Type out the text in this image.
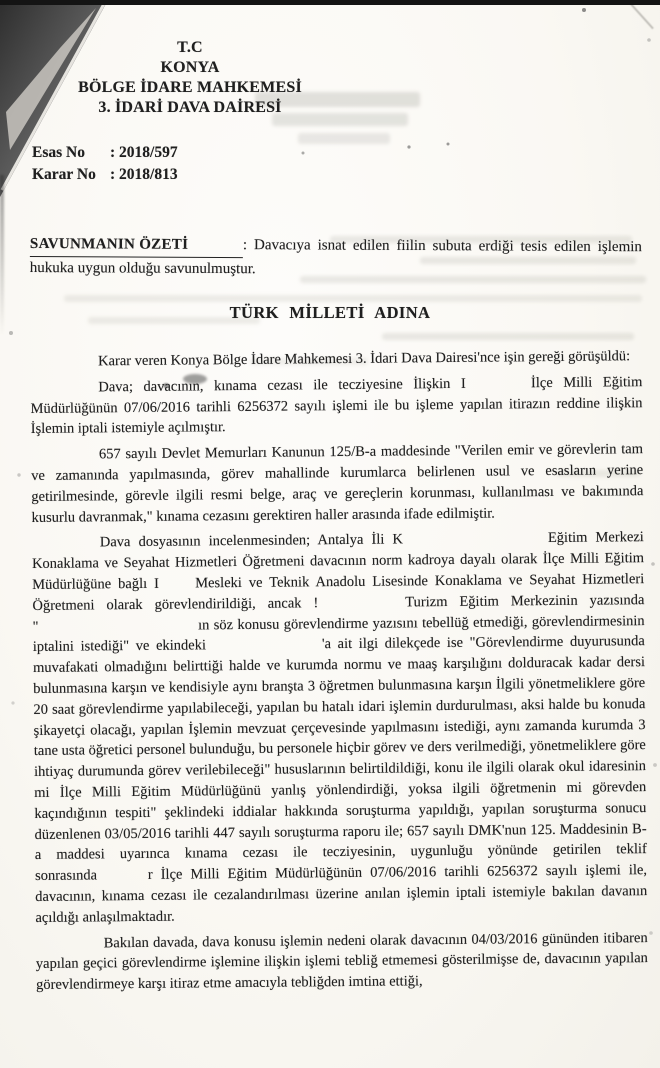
T.C
KONYA
BÖLGE İDARE MAHKEMESİ
3. İDARİ DAVA DAİRESİ
Esas No	: 2018/597
Karar No : 2018/813

SAVUNMANIN ÖZETİ	: Davacıya isnat edilen fiilin subuta erdiği tesis edilen işlemin hukuka uygun olduğu savunulmuştur.

TÜRK MİLLETİ ADINA

Karar veren Konya Bölge İdare Mahkemesi 3. İdari Dava Dairesi'nce işin gereği görüşüldü:

Dava; davacının, kınama cezası ile tecziyesine İlişkin I         İlçe Milli Eğitim Müdürlüğünün 07/06/2016 tarihli 6256372 sayılı işlemi ile bu işleme yapılan itirazın reddine ilişkin İşlemin iptali istemiyle açılmıştır.

657 sayılı Devlet Memurları Kanunun 125/B-a maddesinde "Verilen emir ve görevlerin tam ve zamanında yapılmasında, görev mahallinde kurumlarca belirlenen usul ve esasların yerine getirilmesinde, görevle ilgili resmi belge, araç ve gereçlerin korunması, kullanılması ve bakımında kusurlu davranmak," kınama cezasını gerektiren haller arasında ifade edilmiştir.

Dava dosyasının incelenmesinden; Antalya İli K                    Eğitim Merkezi Konaklama ve Seyahat Hizmetleri Öğretmeni davacının norm kadroya dayalı olarak İlçe Milli Eğitim Müdürlüğüne bağlı I     Mesleki ve Teknik Anadolu Lisesinde Konaklama ve Seyahat Hizmetleri Öğretmeni olarak görevlendirildiği, ancak !            Turizm Eğitim Merkezinin yazısında "                      ın söz konusu görevlendirme yazısını tebellüğ etmediği, görevlendirmesinin iptalini istediği" ve ekindeki                'a ait ilgi dilekçede ise "Görevlendirme duyurusunda muvafakati olmadığını belirttiği halde ve kurumda normu ve maaş karşılığını dolduracak kadar dersi bulunmasına karşın ve kendisiyle aynı branşta 3 öğretmen bulunmasına karşın İlgili yönetmeliklere göre 20 saat görevlendirme yapılabileceği, yapılan bu hatalı idari işlemin durdurulması, aksi halde bu konuda şikayetçi olacağı, yapılan İşlemin mevzuat çerçevesinde yapılmasını istediği, aynı zamanda kurumda 3 tane usta öğretici personel bulunduğu, bu personele hiçbir görev ve ders verilmediği, yönetmeliklere göre ihtiyaç durumunda görev verilebileceği" hususlarının belirtildildiği, konu ile ilgili olarak okul idaresinin mi İlçe Milli Eğitim Müdürlüğünü yanlış yönlendirdiği, yoksa ilgili öğretmenin mi görevden kaçındığının tespiti" şeklindeki iddialar hakkında soruşturma yapıldığı, yapılan soruşturma sonucu düzenlenen 03/05/2016 tarihli 447 sayılı soruşturma raporu ile; 657 sayılı DMK'nun 125. Maddesinin B-a maddesi uyarınca kınama cezası ile tecziyesinin, uygunluğu yönünde getirilen teklif sonrasında       r İlçe Milli Eğitim Müdürlüğünün 07/06/2016 tarihli 6256372 sayılı işlemi ile, davacının, kınama cezası ile cezalandırılması üzerine anılan işlemin iptali istemiyle bakılan davanın açıldığı anlaşılmaktadır.

Bakılan davada, dava konusu işlemin nedeni olarak davacının 04/03/2016 gününden itibaren yapılan geçici görevlendirme işlemine ilişkin işlemi tebliğ etmemesi gösterilmişse de, davacının yapılan görevlendirmeye karşı itiraz etme amacıyla tebliğden imtina ettiği,
